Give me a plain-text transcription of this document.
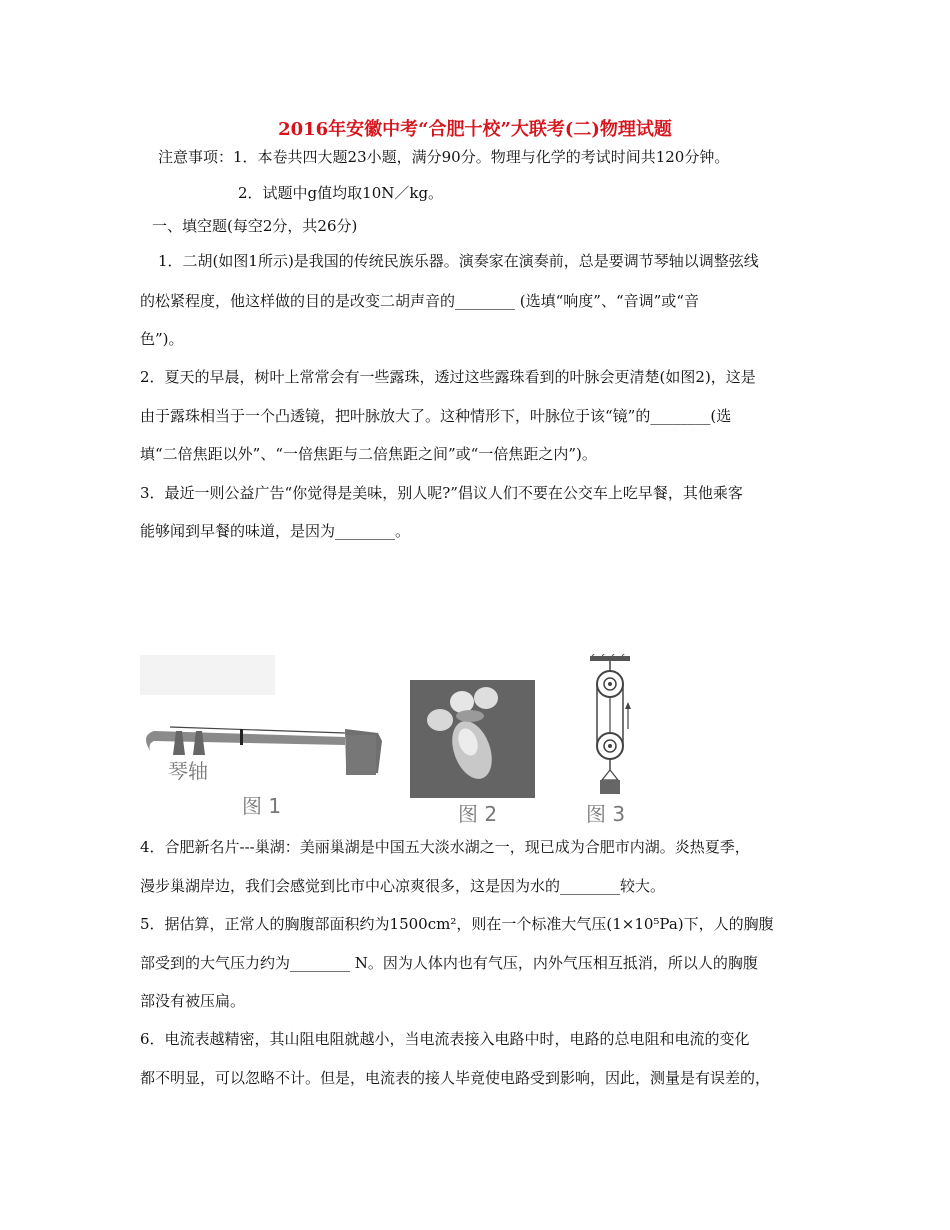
2016年安徽中考“合肥十校”大联考(二)物理试题
注意事项：1．本卷共四大题23小题，满分90分。物理与化学的考试时间共120分钟。
2．试题中g值均取10N／kg。
一、填空题(每空2分，共26分)
1．二胡(如图1所示)是我国的传统民族乐器。演奏家在演奏前，总是要调节琴轴以调整弦线
的松紧程度，他这样做的目的是改变二胡声音的________ (选填“响度”、“音调”或“音
色”)。
2．夏天的早晨，树叶上常常会有一些露珠，透过这些露珠看到的叶脉会更清楚(如图2)，这是
由于露珠相当于一个凸透镜，把叶脉放大了。这种情形下，叶脉位于该“镜”的________(选
填“二倍焦距以外”、“一倍焦距与二倍焦距之间”或“一倍焦距之内”)。
3．最近一则公益广告“你觉得是美味，别人呢?”倡议人们不要在公交车上吃早餐，其他乘客
能够闻到早餐的味道，是因为________。
琴轴
图 1	图 2	图 3
4．合肥新名片---巢湖：美丽巢湖是中国五大淡水湖之一，现已成为合肥市内湖。炎热夏季，
漫步巢湖岸边，我们会感觉到比市中心凉爽很多，这是因为水的________较大。
5．据估算，正常人的胸腹部面积约为1500cm²，则在一个标准大气压(1×10⁵Pa)下，人的胸腹
部受到的大气压力约为________ N。因为人体内也有气压，内外气压相互抵消，所以人的胸腹
部没有被压扁。
6．电流表越精密，其山阻电阻就越小，当电流表接入电路中时，电路的总电阻和电流的变化
都不明显，可以忽略不计。但是，电流表的接人毕竟使电路受到影响，因此，测量是有误差的，
